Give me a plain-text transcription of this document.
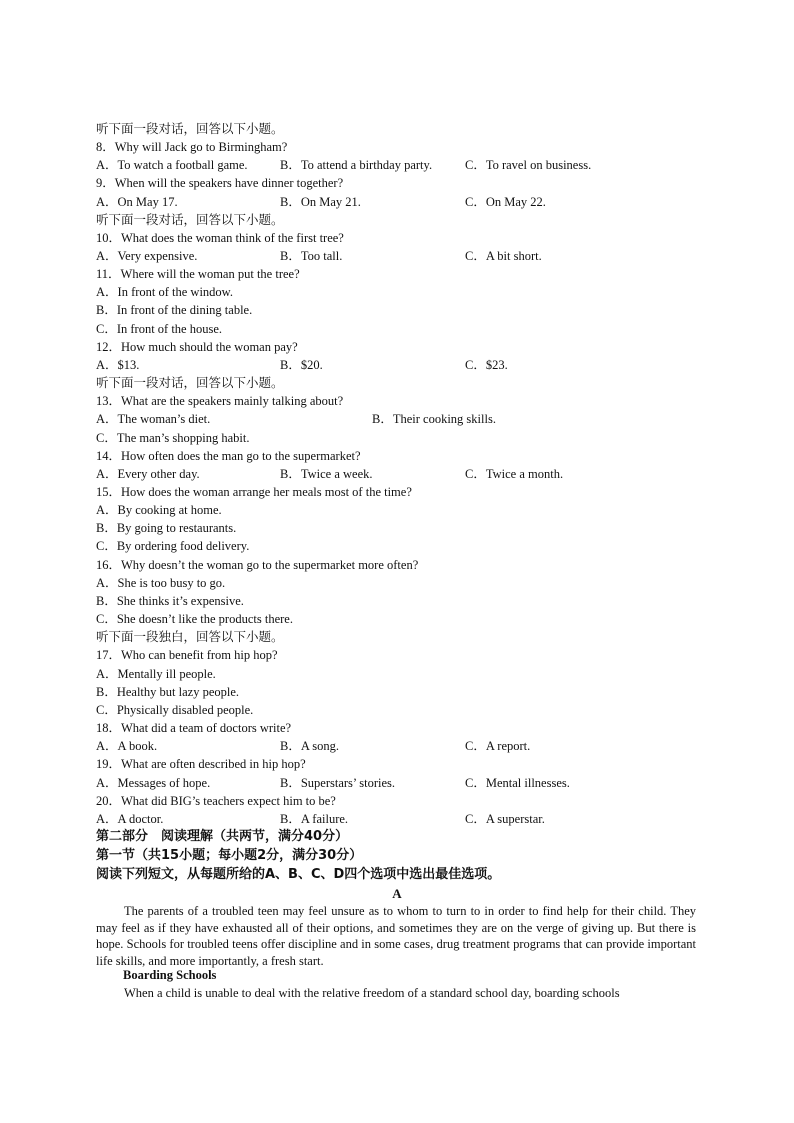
听下面一段对话，回答以下小题。
8．Why will Jack go to Birmingham?
A．To watch a football game.	B．To attend a birthday party.	C．To ravel on business.
9．When will the speakers have dinner together?
A．On May 17.	B．On May 21.	C．On May 22.
听下面一段对话，回答以下小题。
10．What does the woman think of the first tree?
A．Very expensive.	B．Too tall.	C．A bit short.
11．Where will the woman put the tree?
A．In front of the window.
B．In front of the dining table.
C．In front of the house.
12．How much should the woman pay?
A．$13.	B．$20.	C．$23.
听下面一段对话，回答以下小题。
13．What are the speakers mainly talking about?
A．The woman’s diet.	B．Their cooking skills.
C．The man’s shopping habit.
14．How often does the man go to the supermarket?
A．Every other day.	B．Twice a week.	C．Twice a month.
15．How does the woman arrange her meals most of the time?
A．By cooking at home.
B．By going to restaurants.
C．By ordering food delivery.
16．Why doesn’t the woman go to the supermarket more often?
A．She is too busy to go.
B．She thinks it’s expensive.
C．She doesn’t like the products there.
听下面一段独白，回答以下小题。
17．Who can benefit from hip hop?
A．Mentally ill people.
B．Healthy but lazy people.
C．Physically disabled people.
18．What did a team of doctors write?
A．A book.	B．A song.	C．A report.
19．What are often described in hip hop?
A．Messages of hope.	B．Superstars’ stories.	C．Mental illnesses.
20．What did BIG’s teachers expect him to be?
A．A doctor.	B．A failure.	C．A superstar.
第二部分　阅读理解（共两节，满分40分）
第一节（共15小题；每小题2分，满分30分）
阅读下列短文，从每题所给的A、B、C、D四个选项中选出最佳选项。
A
The parents of a troubled teen may feel unsure as to whom to turn to in order to find help for their child. They may feel as if they have exhausted all of their options, and sometimes they are on the verge of giving up. But there is hope. Schools for troubled teens offer discipline and in some cases, drug treatment programs that can provide important life skills, and more importantly, a fresh start.
Boarding Schools
When a child is unable to deal with the relative freedom of a standard school day, boarding schools
